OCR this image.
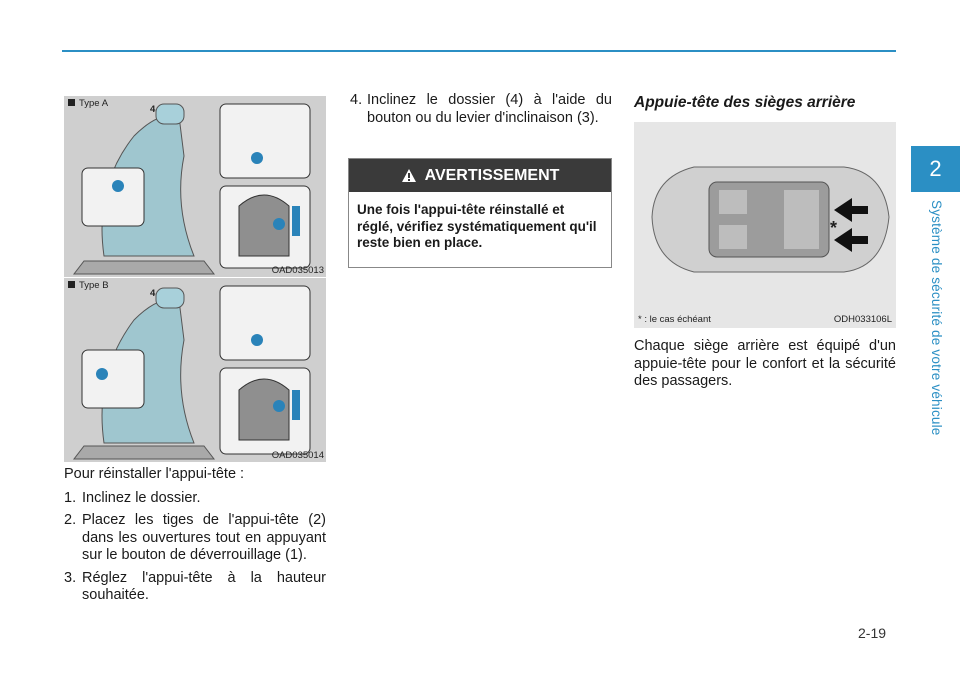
2
Système de sécurité de votre véhicule
Type A
4
OAD035013
Type B
4
OAD035014

Pour réinstaller l'appui-tête :

1. Inclinez le dossier.
2. Placez les tiges de l'appui-tête (2) dans les ouvertures tout en appuyant sur le bouton de déverrouillage (1).
3. Réglez l'appui-tête à la hauteur souhaitée.
4. Inclinez le dossier (4) à l'aide du bouton ou du levier d'inclinaison (3).
AVERTISSEMENT
Une fois l'appui-tête réinstallé et réglé, vérifiez systématiquement qu'il reste bien en place.
Appuie-tête des sièges arrière
*
* : le cas échéant	ODH033106L
Chaque siège arrière est équipé d'un appuie-tête pour le confort et la sécurité des passagers.
2-19
